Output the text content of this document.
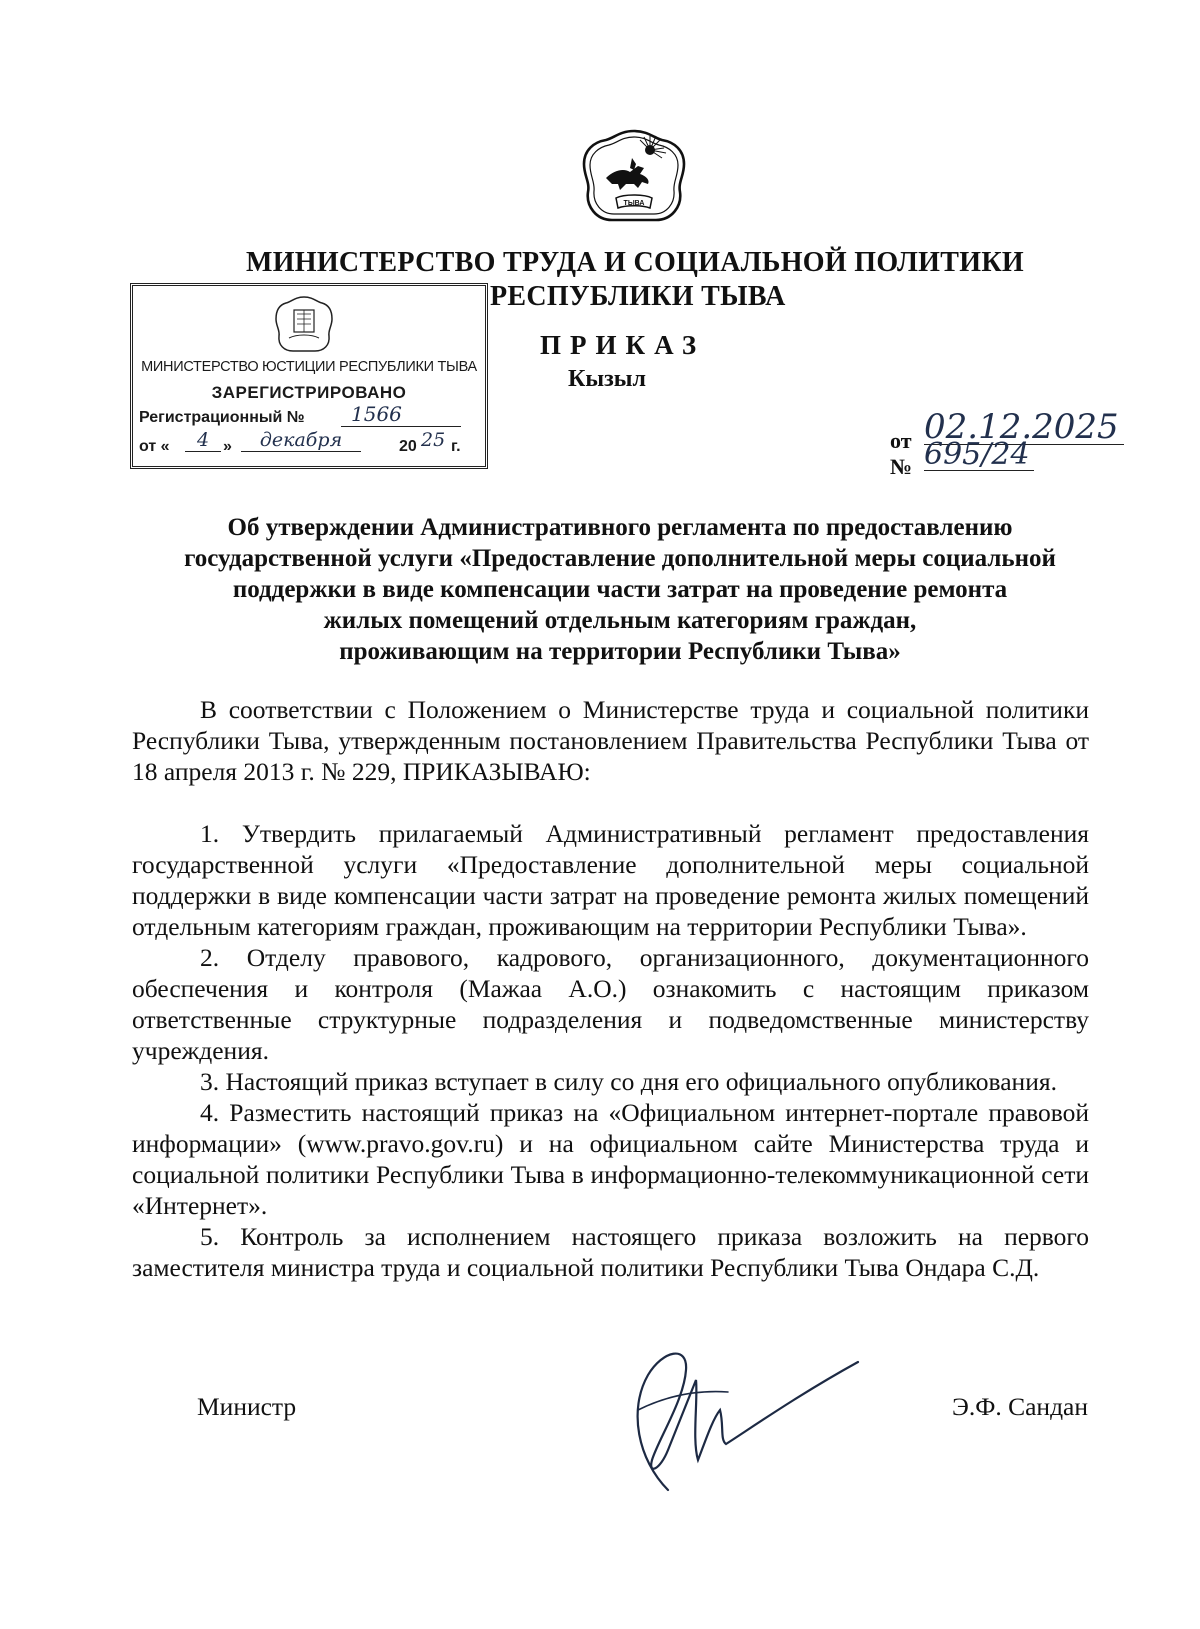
ТЫВА
МИНИСТЕРСТВО ТРУДА И СОЦИАЛЬНОЙ ПОЛИТИКИ
РЕСПУБЛИКИ ТЫВА
МИНИСТЕРСТВО ЮСТИЦИИ РЕСПУБЛИКИ ТЫВА
ЗАРЕГИСТРИРОВАНО
Регистрационный №	1566
от «	4 »	декабря	20 25 г.
ПРИКАЗ
Кызыл
от 02.12.2025
№ 695/24
Об утверждении Административного регламента по предоставлению
государственной услуги «Предоставление дополнительной меры социальной
поддержки в виде компенсации части затрат на проведение ремонта
жилых помещений отдельным категориям граждан,
проживающим на территории Республики Тыва»
В соответствии с Положением о Министерстве труда и социальной политики Республики Тыва, утвержденным постановлением Правительства Республики Тыва от 18 апреля 2013 г. № 229, ПРИКАЗЫВАЮ:

1. Утвердить прилагаемый Административный регламент предоставления государственной услуги «Предоставление дополнительной меры социальной поддержки в виде компенсации части затрат на проведение ремонта жилых помещений отдельным категориям граждан, проживающим на территории Республики Тыва».

2. Отделу правового, кадрового, организационного, документационного обеспечения и контроля (Мажаа А.О.) ознакомить с настоящим приказом ответственные структурные подразделения и подведомственные министерству учреждения.

3. Настоящий приказ вступает в силу со дня его официального опубликования.

4. Разместить настоящий приказ на «Официальном интернет-портале правовой информации» (www.pravo.gov.ru) и на официальном сайте Министерства труда и социальной политики Республики Тыва в информационно-телекоммуникационной сети «Интернет».

5. Контроль за исполнением настоящего приказа возложить на первого заместителя министра труда и социальной политики Республики Тыва Ондара С.Д.

Министр	Э.Ф. Сандан
